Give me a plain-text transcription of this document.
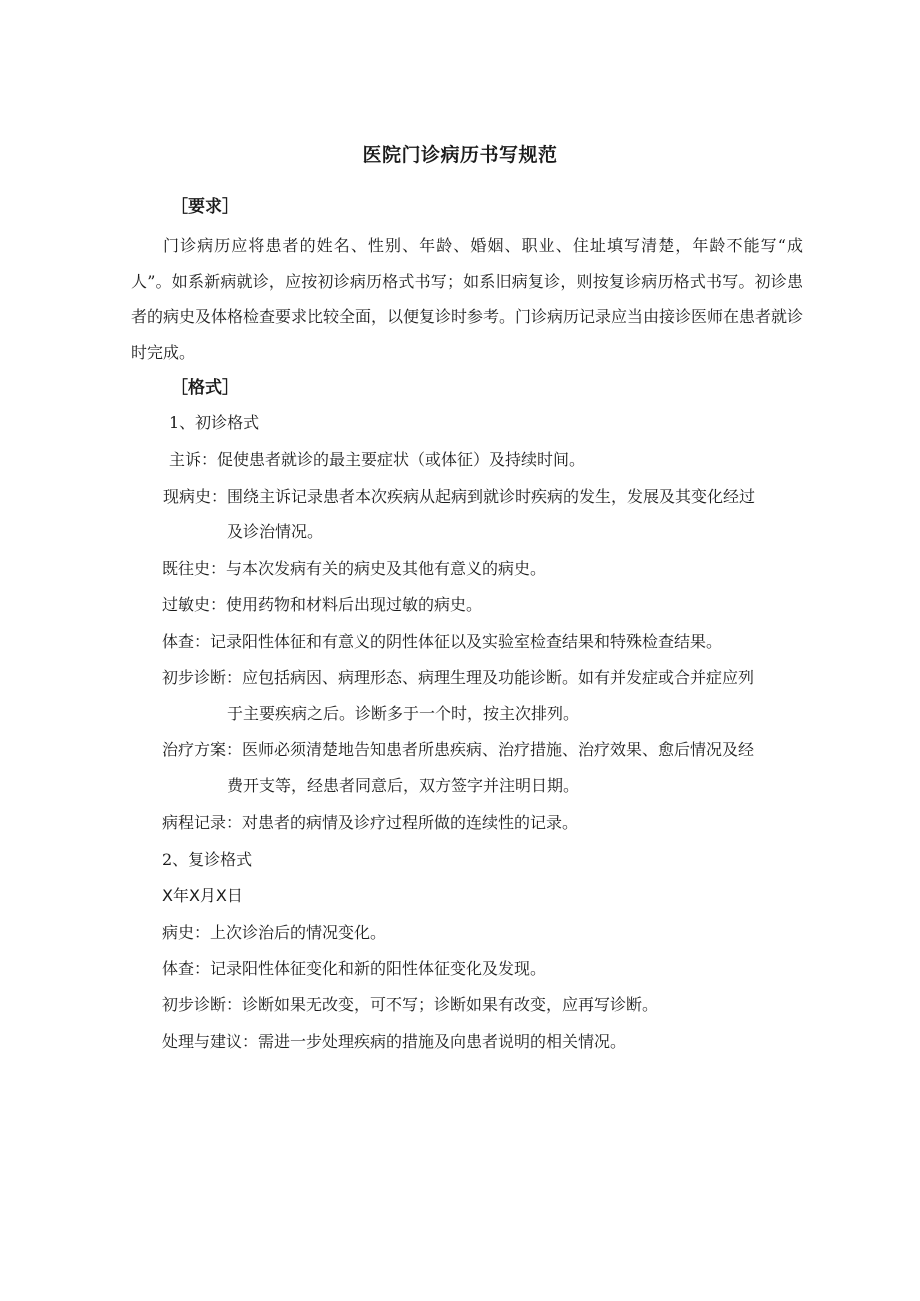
医院门诊病历书写规范
［要求］
门诊病历应将患者的姓名、性别、年龄、婚姻、职业、住址填写清楚，年龄不能写“成人”。如系新病就诊，应按初诊病历格式书写；如系旧病复诊，则按复诊病历格式书写。初诊患者的病史及体格检查要求比较全面，以便复诊时参考。门诊病历记录应当由接诊医师在患者就诊时完成。
［格式］
1、初诊格式
主诉：促使患者就诊的最主要症状（或体征）及持续时间。
现病史：围绕主诉记录患者本次疾病从起病到就诊时疾病的发生，发展及其变化经过
及诊治情况。
既往史：与本次发病有关的病史及其他有意义的病史。
过敏史：使用药物和材料后出现过敏的病史。
体查：记录阳性体征和有意义的阴性体征以及实验室检查结果和特殊检查结果。
初步诊断：应包括病因、病理形态、病理生理及功能诊断。如有并发症或合并症应列
于主要疾病之后。诊断多于一个时，按主次排列。
治疗方案：医师必须清楚地告知患者所患疾病、治疗措施、治疗效果、愈后情况及经
费开支等，经患者同意后，双方签字并注明日期。
病程记录：对患者的病情及诊疗过程所做的连续性的记录。
2、复诊格式
X年X月X日
病史：上次诊治后的情况变化。
体查：记录阳性体征变化和新的阳性体征变化及发现。
初步诊断：诊断如果无改变，可不写；诊断如果有改变，应再写诊断。
处理与建议：需进一步处理疾病的措施及向患者说明的相关情况。
